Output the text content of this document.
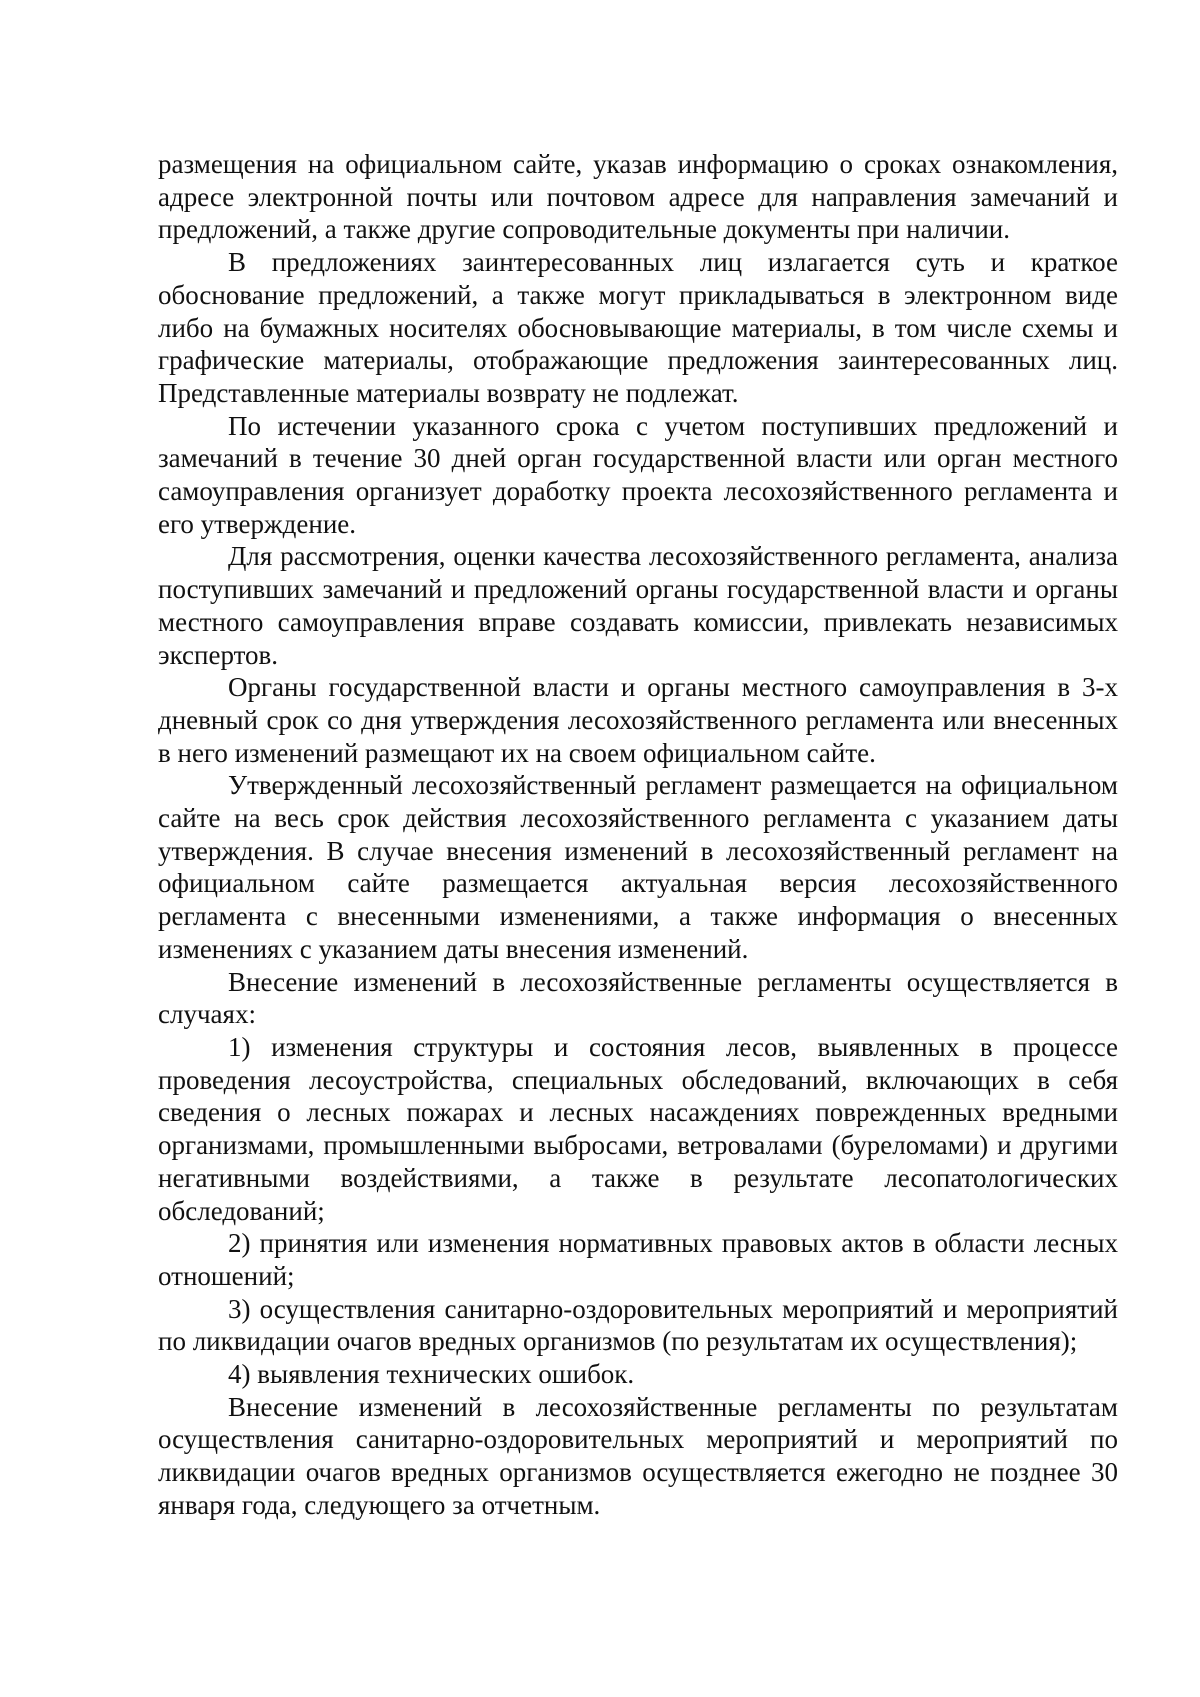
размещения на официальном сайте, указав информацию о сроках ознакомления, адресе электронной почты или почтовом адресе для направления замечаний и предложений, а также другие сопроводительные документы при наличии.

В предложениях заинтересованных лиц излагается суть и краткое обоснование предложений, а также могут прикладываться в электронном виде либо на бумажных носителях обосновывающие материалы, в том числе схемы и графические материалы, отображающие предложения заинтересованных лиц. Представленные материалы возврату не подлежат.

По истечении указанного срока с учетом поступивших предложений и замечаний в течение 30 дней орган государственной власти или орган местного самоуправления организует доработку проекта лесохозяйственного регламента и его утверждение.

Для рассмотрения, оценки качества лесохозяйственного регламента, анализа поступивших замечаний и предложений органы государственной власти и органы местного самоуправления вправе создавать комиссии, привлекать независимых экспертов.

Органы государственной власти и органы местного самоуправления в 3-х дневный срок со дня утверждения лесохозяйственного регламента или внесенных в него изменений размещают их на своем официальном сайте.

Утвержденный лесохозяйственный регламент размещается на официальном сайте на весь срок действия лесохозяйственного регламента с указанием даты утверждения. В случае внесения изменений в лесохозяйственный регламент на официальном сайте размещается актуальная версия лесохозяйственного регламента с внесенными изменениями, а также информация о внесенных изменениях с указанием даты внесения изменений.

Внесение изменений в лесохозяйственные регламенты осуществляется в случаях:

1) изменения структуры и состояния лесов, выявленных в процессе проведения лесоустройства, специальных обследований, включающих в себя сведения о лесных пожарах и лесных насаждениях поврежденных вредными организмами, промышленными выбросами, ветровалами (буреломами) и другими негативными воздействиями, а также в результате лесопатологических обследований;

2) принятия или изменения нормативных правовых актов в области лесных отношений;

3) осуществления санитарно-оздоровительных мероприятий и мероприятий по ликвидации очагов вредных организмов (по результатам их осуществления);

4) выявления технических ошибок.

Внесение изменений в лесохозяйственные регламенты по результатам осуществления санитарно-оздоровительных мероприятий и мероприятий по ликвидации очагов вредных организмов осуществляется ежегодно не позднее 30 января года, следующего за отчетным.
